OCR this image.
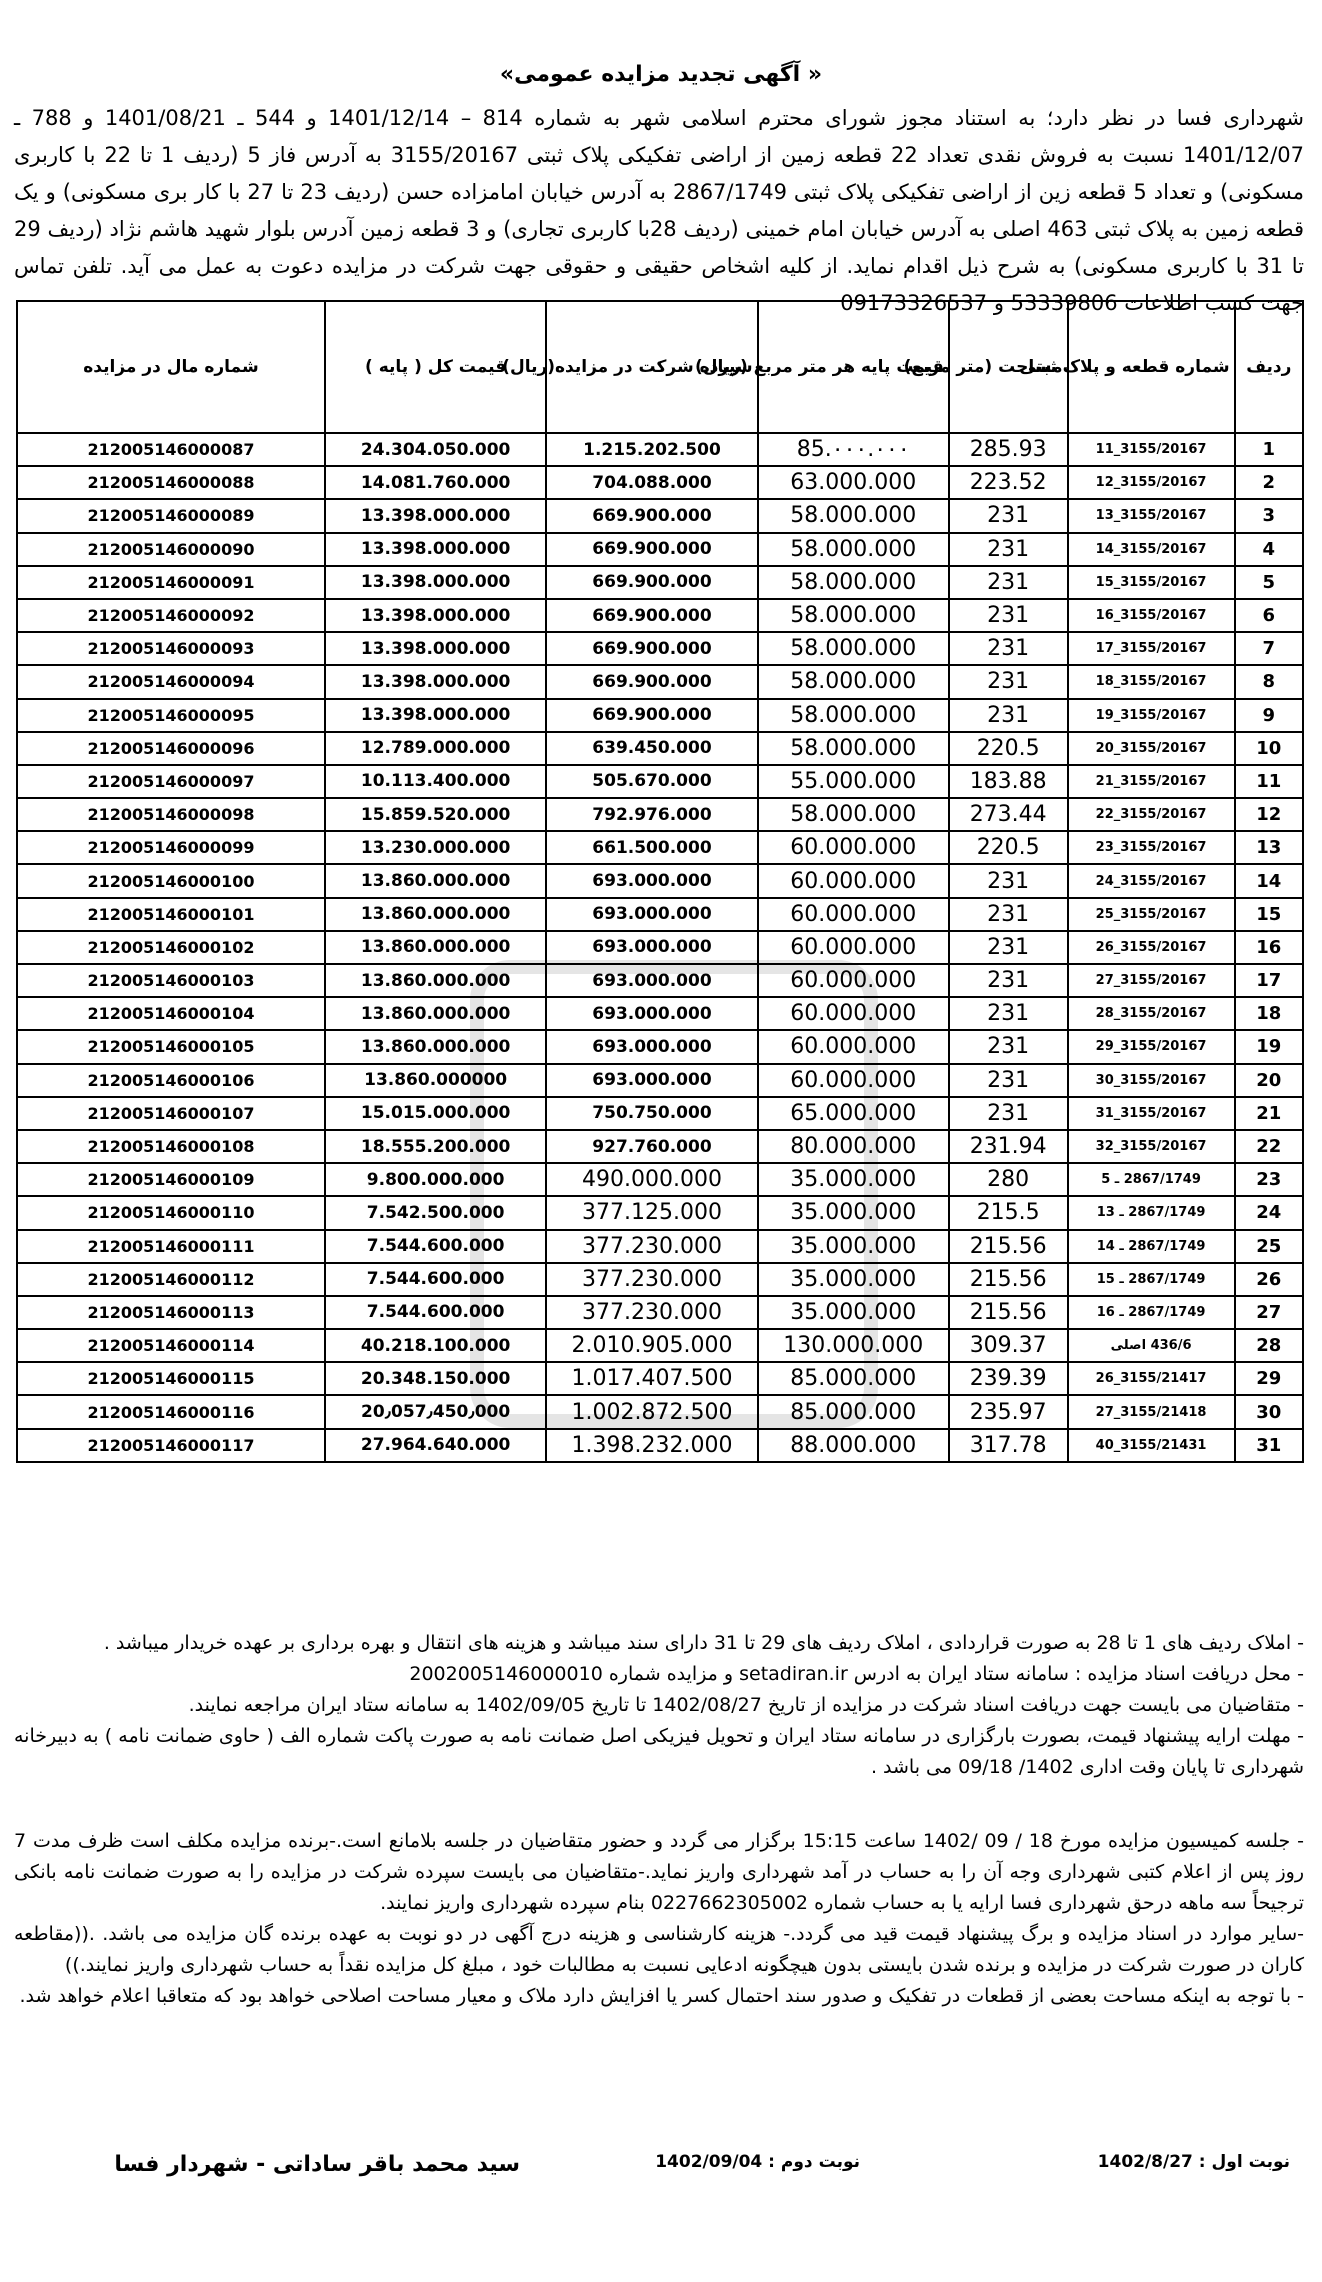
« آگهی تجدید مزایده عمومی»

شهرداری فسا در نظر دارد؛ به استناد مجوز شورای محترم اسلامی شهر به شماره 814 – 1401/12/14 و 544 ـ 1401/08/21 و 788 ـ 1401/12/07 نسبت به فروش نقدی تعداد 22 قطعه زمین از اراضی تفکیکی پلاک ثبتی 3155/20167 به آدرس فاز 5 (ردیف 1 تا 22 با کاربری مسکونی) و تعداد 5 قطعه زین از اراضی تفکیکی پلاک ثبتی 2867/1749 به آدرس خیابان امامزاده حسن (ردیف 23 تا 27 با کار بری مسکونی) و یک قطعه زمین به پلاک ثبتی 463 اصلی به آدرس خیابان امام خمینی (ردیف 28با کاربری تجاری) و 3 قطعه زمین آدرس بلوار شهید هاشم نژاد (ردیف 29 تا 31 با کاربری مسکونی) به شرح ذیل اقدام نماید. از کلیه اشخاص حقیقی و حقوقی جهت شرکت در مزایده دعوت به عمل می آید. تلفن تماس جهت کسب اطلاعات 53339806 و 09173326537

ردیف	شماره قطعه و پلاک ثبتی	مساحت (متر مربع)	قیمت پایه هر متر مربع (ریال)	سپرده شرکت در مزایده(ریال)	قیمت کل ( پایه )	شماره مال در مزایده
1	3155/20167_11	285.93	85.۰۰۰.۰۰۰	1.215.202.500	24.304.050.000	212005146000087
2	3155/20167_12	223.52	63.000.000	704.088.000	14.081.760.000	212005146000088
3	3155/20167_13	231	58.000.000	669.900.000	13.398.000.000	212005146000089
4	3155/20167_14	231	58.000.000	669.900.000	13.398.000.000	212005146000090
5	3155/20167_15	231	58.000.000	669.900.000	13.398.000.000	212005146000091
6	3155/20167_16	231	58.000.000	669.900.000	13.398.000.000	212005146000092
7	3155/20167_17	231	58.000.000	669.900.000	13.398.000.000	212005146000093
8	3155/20167_18	231	58.000.000	669.900.000	13.398.000.000	212005146000094
9	3155/20167_19	231	58.000.000	669.900.000	13.398.000.000	212005146000095
10	3155/20167_20	220.5	58.000.000	639.450.000	12.789.000.000	212005146000096
11	3155/20167_21	183.88	55.000.000	505.670.000	10.113.400.000	212005146000097
12	3155/20167_22	273.44	58.000.000	792.976.000	15.859.520.000	212005146000098
13	3155/20167_23	220.5	60.000.000	661.500.000	13.230.000.000	212005146000099
14	3155/20167_24	231	60.000.000	693.000.000	13.860.000.000	212005146000100
15	3155/20167_25	231	60.000.000	693.000.000	13.860.000.000	212005146000101
16	3155/20167_26	231	60.000.000	693.000.000	13.860.000.000	212005146000102
17	3155/20167_27	231	60.000.000	693.000.000	13.860.000.000	212005146000103
18	3155/20167_28	231	60.000.000	693.000.000	13.860.000.000	212005146000104
19	3155/20167_29	231	60.000.000	693.000.000	13.860.000.000	212005146000105
20	3155/20167_30	231	60.000.000	693.000.000	13.860.000000	212005146000106
21	3155/20167_31	231	65.000.000	750.750.000	15.015.000.000	212005146000107
22	3155/20167_32	231.94	80.000.000	927.760.000	18.555.200.000	212005146000108
23	2867/1749 ـ 5	280	35.000.000	490.000.000	9.800.000.000	212005146000109
24	2867/1749 ـ 13	215.5	35.000.000	377.125.000	7.542.500.000	212005146000110
25	2867/1749 ـ 14	215.56	35.000.000	377.230.000	7.544.600.000	212005146000111
26	2867/1749 ـ 15	215.56	35.000.000	377.230.000	7.544.600.000	212005146000112
27	2867/1749 ـ 16	215.56	35.000.000	377.230.000	7.544.600.000	212005146000113
28	436/6 اصلی	309.37	130.000.000	2.010.905.000	40.218.100.000	212005146000114
29	3155/21417_26	239.39	85.000.000	1.017.407.500	20.348.150.000	212005146000115
30	3155/21418_27	235.97	85.000.000	1.002.872.500	20٫057٫450٫000	212005146000116
31	3155/21431_40	317.78	88.000.000	1.398.232.000	27.964.640.000	212005146000117

- املاک ردیف های 1 تا 28 به صورت قراردادی ، املاک ردیف های 29 تا 31 دارای سند میباشد و هزینه های انتقال و بهره برداری بر عهده خریدار میباشد .

- محل دریافت اسناد مزایده : سامانه ستاد ایران به ادرس setadiran.ir و مزایده شماره 2002005146000010

- متقاضیان می بایست جهت دریافت اسناد شرکت در مزایده از تاریخ 1402/08/27 تا تاریخ 1402/09/05 به سامانه ستاد ایران مراجعه نمایند.

- مهلت ارایه پیشنهاد قیمت، بصورت بارگزاری در سامانه ستاد ایران و تحویل فیزیکی اصل ضمانت نامه به صورت پاکت شماره الف ( حاوی ضمانت نامه ) به دبیرخانه شهرداری تا پایان وقت اداری 1402/ 09/18 می باشد .

- جلسه کمیسیون مزایده مورخ 18 / 09 /1402 ساعت 15:15 برگزار می گردد و حضور متقاضیان در جلسه بلامانع است.-برنده مزایده مکلف است ظرف مدت 7 روز پس از اعلام کتبی شهرداری وجه آن را به حساب در آمد شهرداری واریز نماید.-متقاضیان می بایست سپرده شرکت در مزایده را به صورت ضمانت نامه بانکی ترجیحاً سه ماهه درحق شهرداری فسا ارایه یا به حساب شماره 0227662305002 بنام سپرده شهرداری واریز نمایند.

-سایر موارد در اسناد مزایده و برگ پیشنهاد قیمت قید می گردد.- هزینه کارشناسی و هزینه درج آگهی در دو نوبت به عهده برنده گان مزایده می باشد. .((مقاطعه کاران در صورت شرکت در مزایده و برنده شدن بایستی بدون هیچگونه ادعایی نسبت به مطالبات خود ، مبلغ کل مزایده نقداً به حساب شهرداری واریز نمایند.))

- با توجه به اینکه مساحت بعضی از قطعات در تفکیک و صدور سند احتمال کسر یا افزایش دارد ملاک و معیار مساحت اصلاحی خواهد بود که متعاقبا اعلام خواهد شد.

نوبت اول : 1402/8/27
نوبت دوم : 1402/09/04
سید محمد باقر ساداتی - شهردار فسا
